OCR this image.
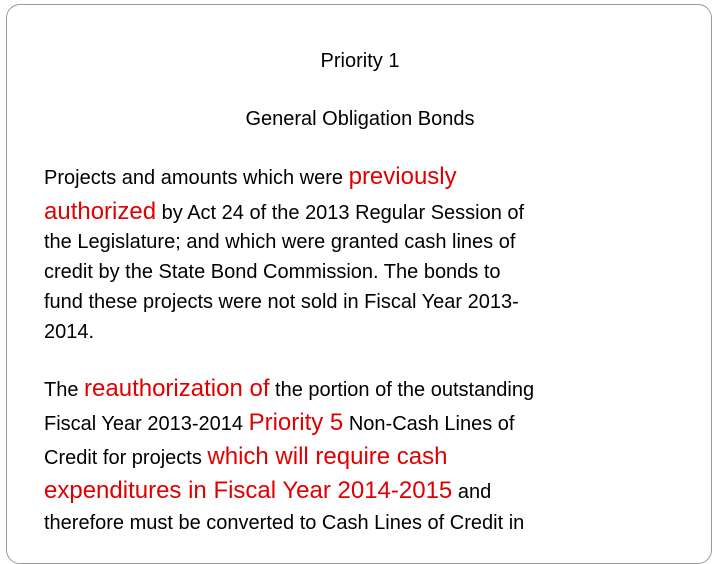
Priority 1
General Obligation Bonds
Projects and amounts which were previously
authorized by Act 24 of the 2013 Regular Session of
the Legislature; and which were granted cash lines of
credit by the State Bond Commission. The bonds to
fund these projects were not sold in Fiscal Year 2013-
2014.
The reauthorization of the portion of the outstanding
Fiscal Year 2013-2014 Priority 5 Non-Cash Lines of
Credit for projects which will require cash
expenditures in Fiscal Year 2014-2015 and
therefore must be converted to Cash Lines of Credit in
